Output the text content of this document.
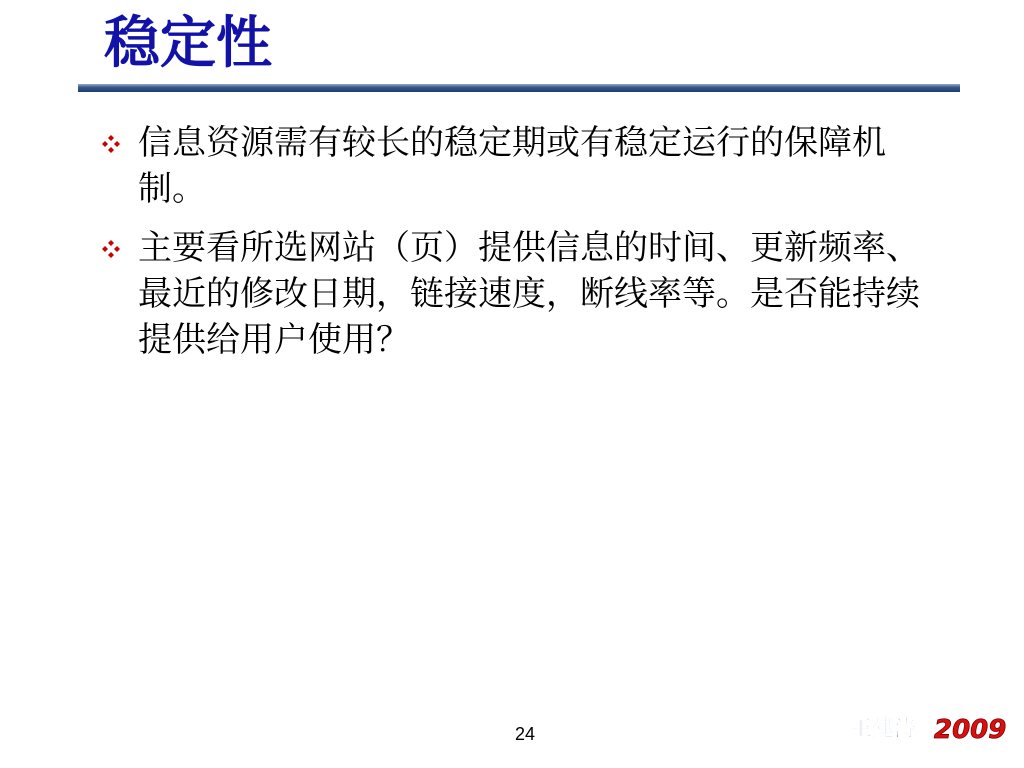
稳定性
信息资源需有较长的稳定期或有稳定运行的保障机制。
主要看所选网站（页）提供信息的时间、更新频率、最近的修改日期，链接速度，断线率等。是否能持续提供给用户使用？
24	王建涛 2009
